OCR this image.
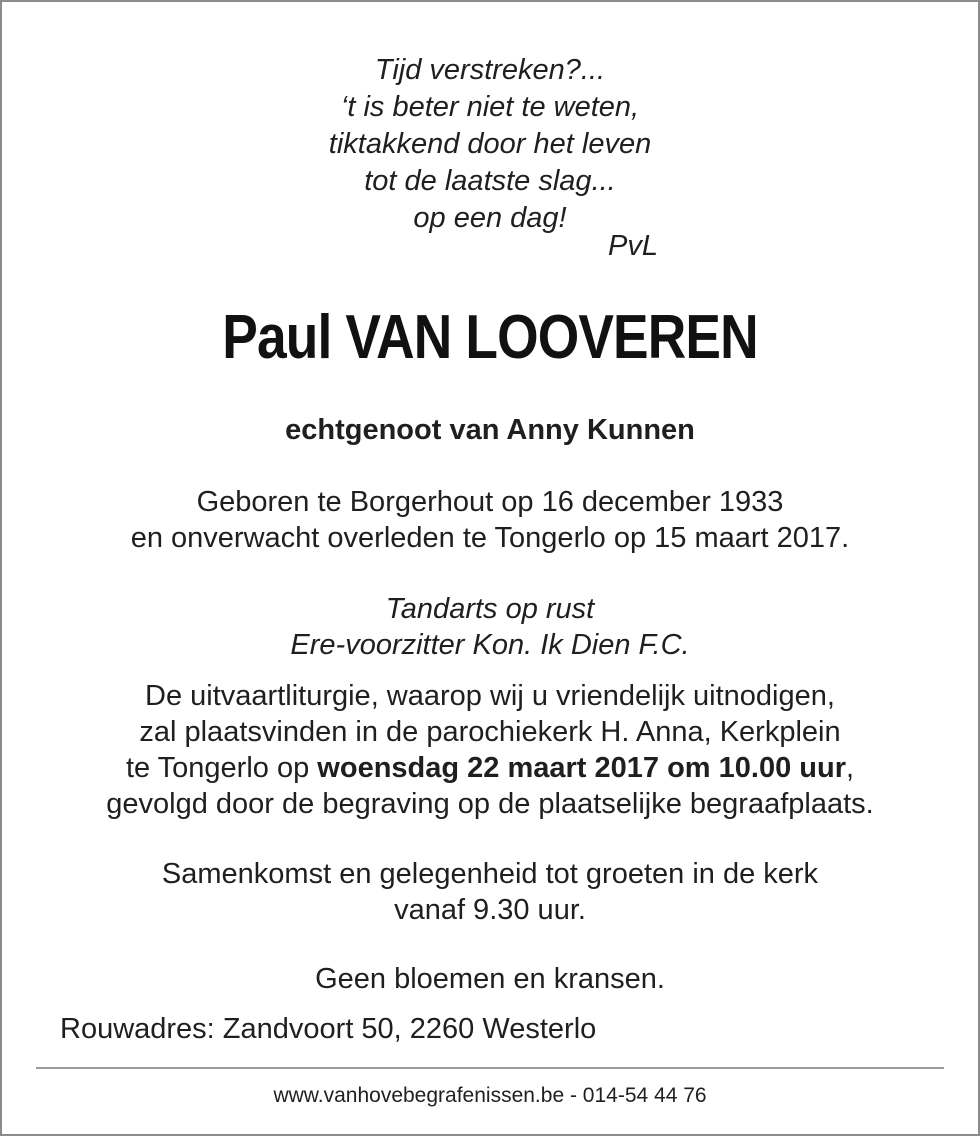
Tijd verstreken?...
‘t is beter niet te weten,
tiktakkend door het leven
tot de laatste slag...
op een dag!
PvL
Paul VAN LOOVEREN
echtgenoot van Anny Kunnen
Geboren te Borgerhout op 16 december 1933
en onverwacht overleden te Tongerlo op 15 maart 2017.
Tandarts op rust
Ere-voorzitter Kon. Ik Dien F.C.
De uitvaartliturgie, waarop wij u vriendelijk uitnodigen,
zal plaatsvinden in de parochiekerk H. Anna, Kerkplein
te Tongerlo op woensdag 22 maart 2017 om 10.00 uur,
gevolgd door de begraving op de plaatselijke begraafplaats.
Samenkomst en gelegenheid tot groeten in de kerk
vanaf 9.30 uur.
Geen bloemen en kransen.
Rouwadres: Zandvoort 50, 2260 Westerlo
www.vanhovebegrafenissen.be - 014-54 44 76
